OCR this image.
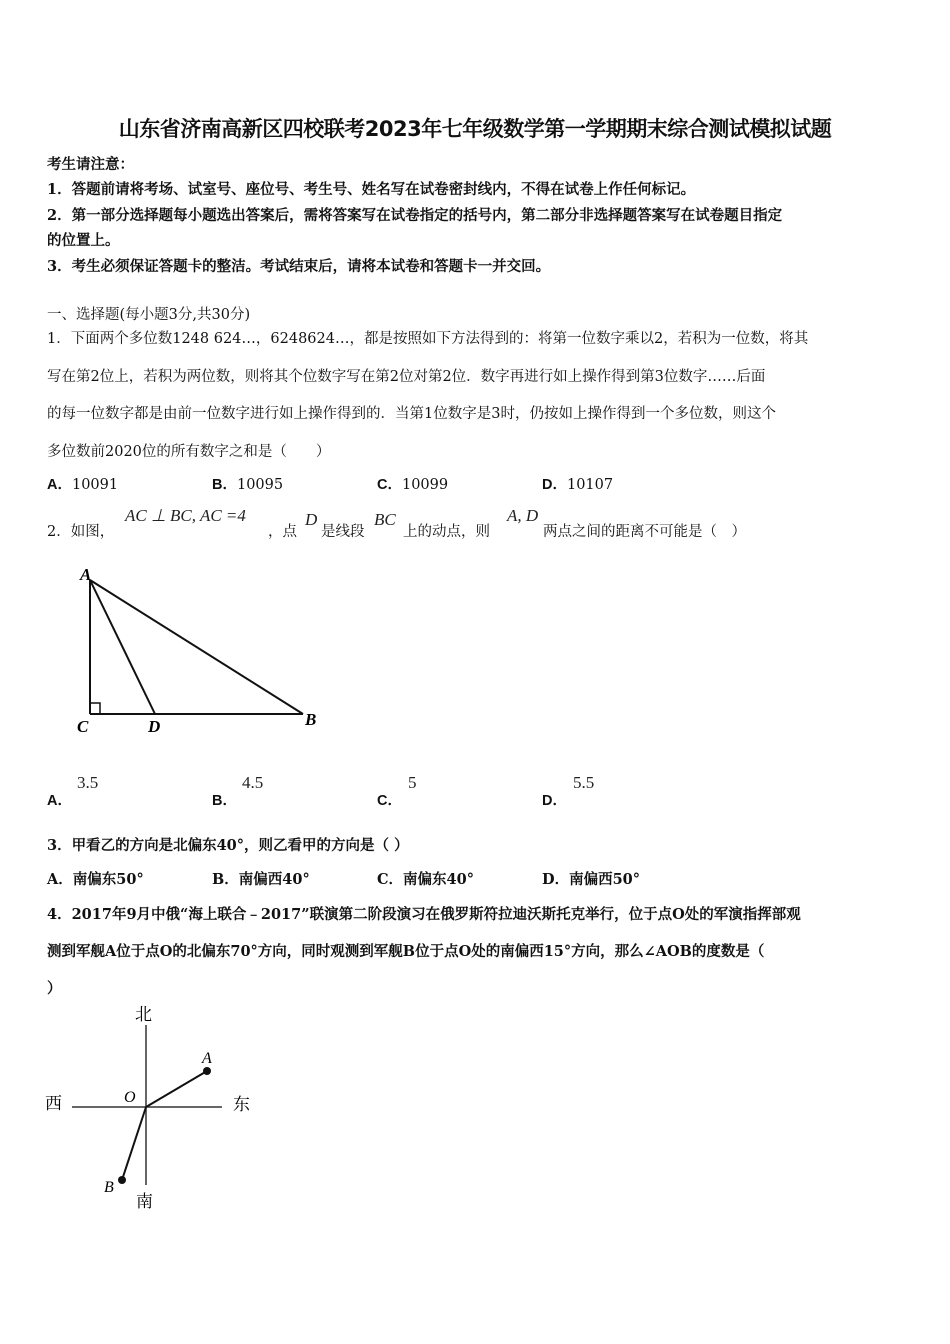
山东省济南高新区四校联考2023年七年级数学第一学期期末综合测试模拟试题
考生请注意：
1．答题前请将考场、试室号、座位号、考生号、姓名写在试卷密封线内，不得在试卷上作任何标记。
2．第一部分选择题每小题选出答案后，需将答案写在试卷指定的括号内，第二部分非选择题答案写在试卷题目指定
的位置上。
3．考生必须保证答题卡的整洁。考试结束后，请将本试卷和答题卡一并交回。
一、选择题(每小题3分,共30分)
1．下面两个多位数1248 624…，6248624…，都是按照如下方法得到的：将第一位数字乘以2，若积为一位数，将其
写在第2位上，若积为两位数，则将其个位数字写在第2位对第2位．数字再进行如上操作得到第3位数字……后面
的每一位数字都是由前一位数字进行如上操作得到的．当第1位数字是3时，仍按如上操作得到一个多位数，则这个
多位数前2020位的所有数字之和是（　　）
A．10091	B．10095	C．10099	D．10107
2．如图，
AC ⊥ BC, AC =4
，点
D
是线段
BC
上的动点，则
A, D
两点之间的距离不可能是（　）
A
C	D	B
A．
3.5
B．
4.5
C．
5
D．
5.5
3．甲看乙的方向是北偏东40°，则乙看甲的方向是（ ）
A．南偏东50°	B．南偏西40°	C．南偏东40°	D．南偏西50°
4．2017年9月中俄“海上联合﹣2017”联演第二阶段演习在俄罗斯符拉迪沃斯托克举行，位于点O处的军演指挥部观
测到军舰A位于点O的北偏东70°方向，同时观测到军舰B位于点O处的南偏西15°方向，那么∠AOB的度数是（
）
北
南
西	东
O
A
B
